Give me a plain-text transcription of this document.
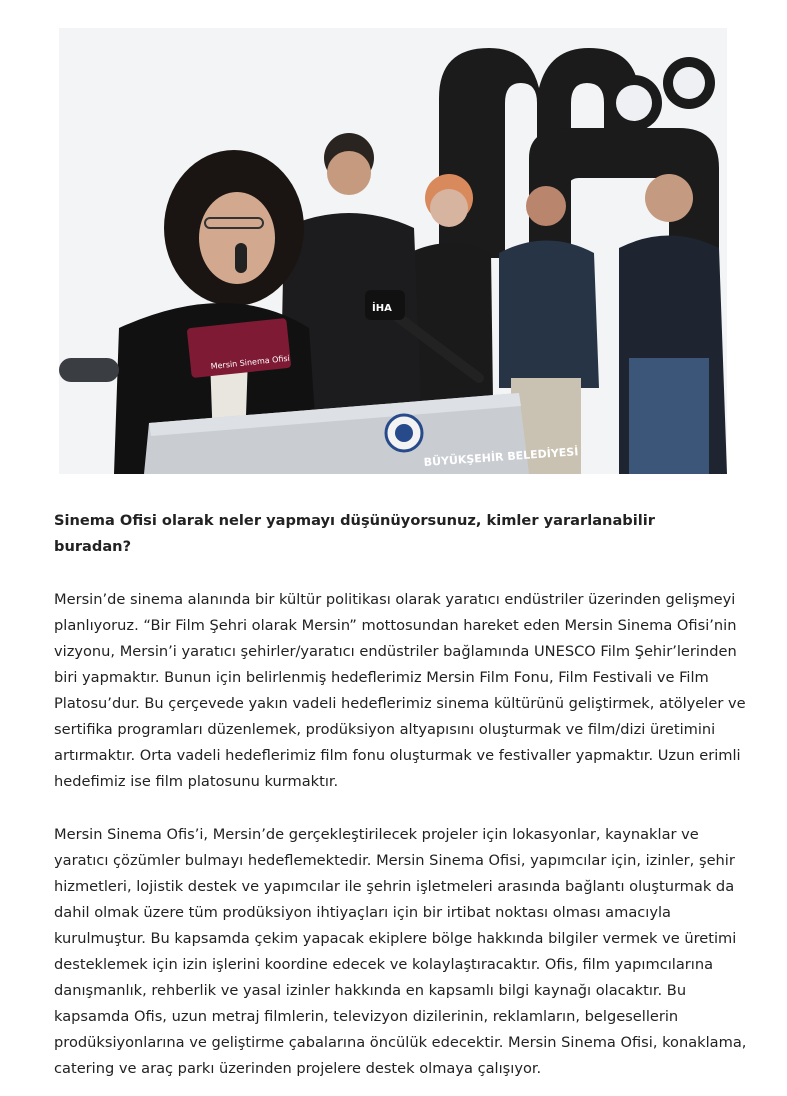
Mersin Sinema Ofisi
İHA
BÜYÜKŞEHİR BELEDİYESİ

Sinema Ofisi olarak neler yapmayı düşünüyorsunuz, kimler yararlanabilir buradan?

Mersin’de sinema alanında bir kültür politikası olarak yaratıcı endüstriler üzerinden gelişmeyi planlıyoruz. “Bir Film Şehri olarak Mersin” mottosundan hareket eden Mersin Sinema Ofisi’nin vizyonu, Mersin’i yaratıcı şehirler/yaratıcı endüstriler bağlamında UNESCO Film Şehir’lerinden biri yapmaktır. Bunun için belirlenmiş hedeflerimiz Mersin Film Fonu, Film Festivali ve Film Platosu’dur. Bu çerçevede yakın vadeli hedeflerimiz sinema kültürünü geliştirmek, atölyeler ve sertifika programları düzenlemek, prodüksiyon altyapısını oluşturmak ve film/dizi üretimini artırmaktır. Orta vadeli hedeflerimiz film fonu oluşturmak ve festivaller yapmaktır. Uzun erimli hedefimiz ise film platosunu kurmaktır.

Mersin Sinema Ofis’i, Mersin’de gerçekleştirilecek projeler için lokasyonlar, kaynaklar ve yaratıcı çözümler bulmayı hedeflemektedir. Mersin Sinema Ofisi, yapımcılar için, izinler, şehir hizmetleri, lojistik destek ve yapımcılar ile şehrin işletmeleri arasında bağlantı oluşturmak da dahil olmak üzere tüm prodüksiyon ihtiyaçları için bir irtibat noktası olması amacıyla kurulmuştur. Bu kapsamda çekim yapacak ekiplere bölge hakkında bilgiler vermek ve üretimi desteklemek için izin işlerini koordine edecek ve kolaylaştıracaktır. Ofis, film yapımcılarına danışmanlık, rehberlik ve yasal izinler hakkında en kapsamlı bilgi kaynağı olacaktır. Bu kapsamda Ofis, uzun metraj filmlerin, televizyon dizilerinin, reklamların, belgesellerin prodüksiyonlarına ve geliştirme çabalarına öncülük edecektir. Mersin Sinema Ofisi, konaklama, catering ve araç parkı üzerinden projelere destek olmaya çalışıyor.
